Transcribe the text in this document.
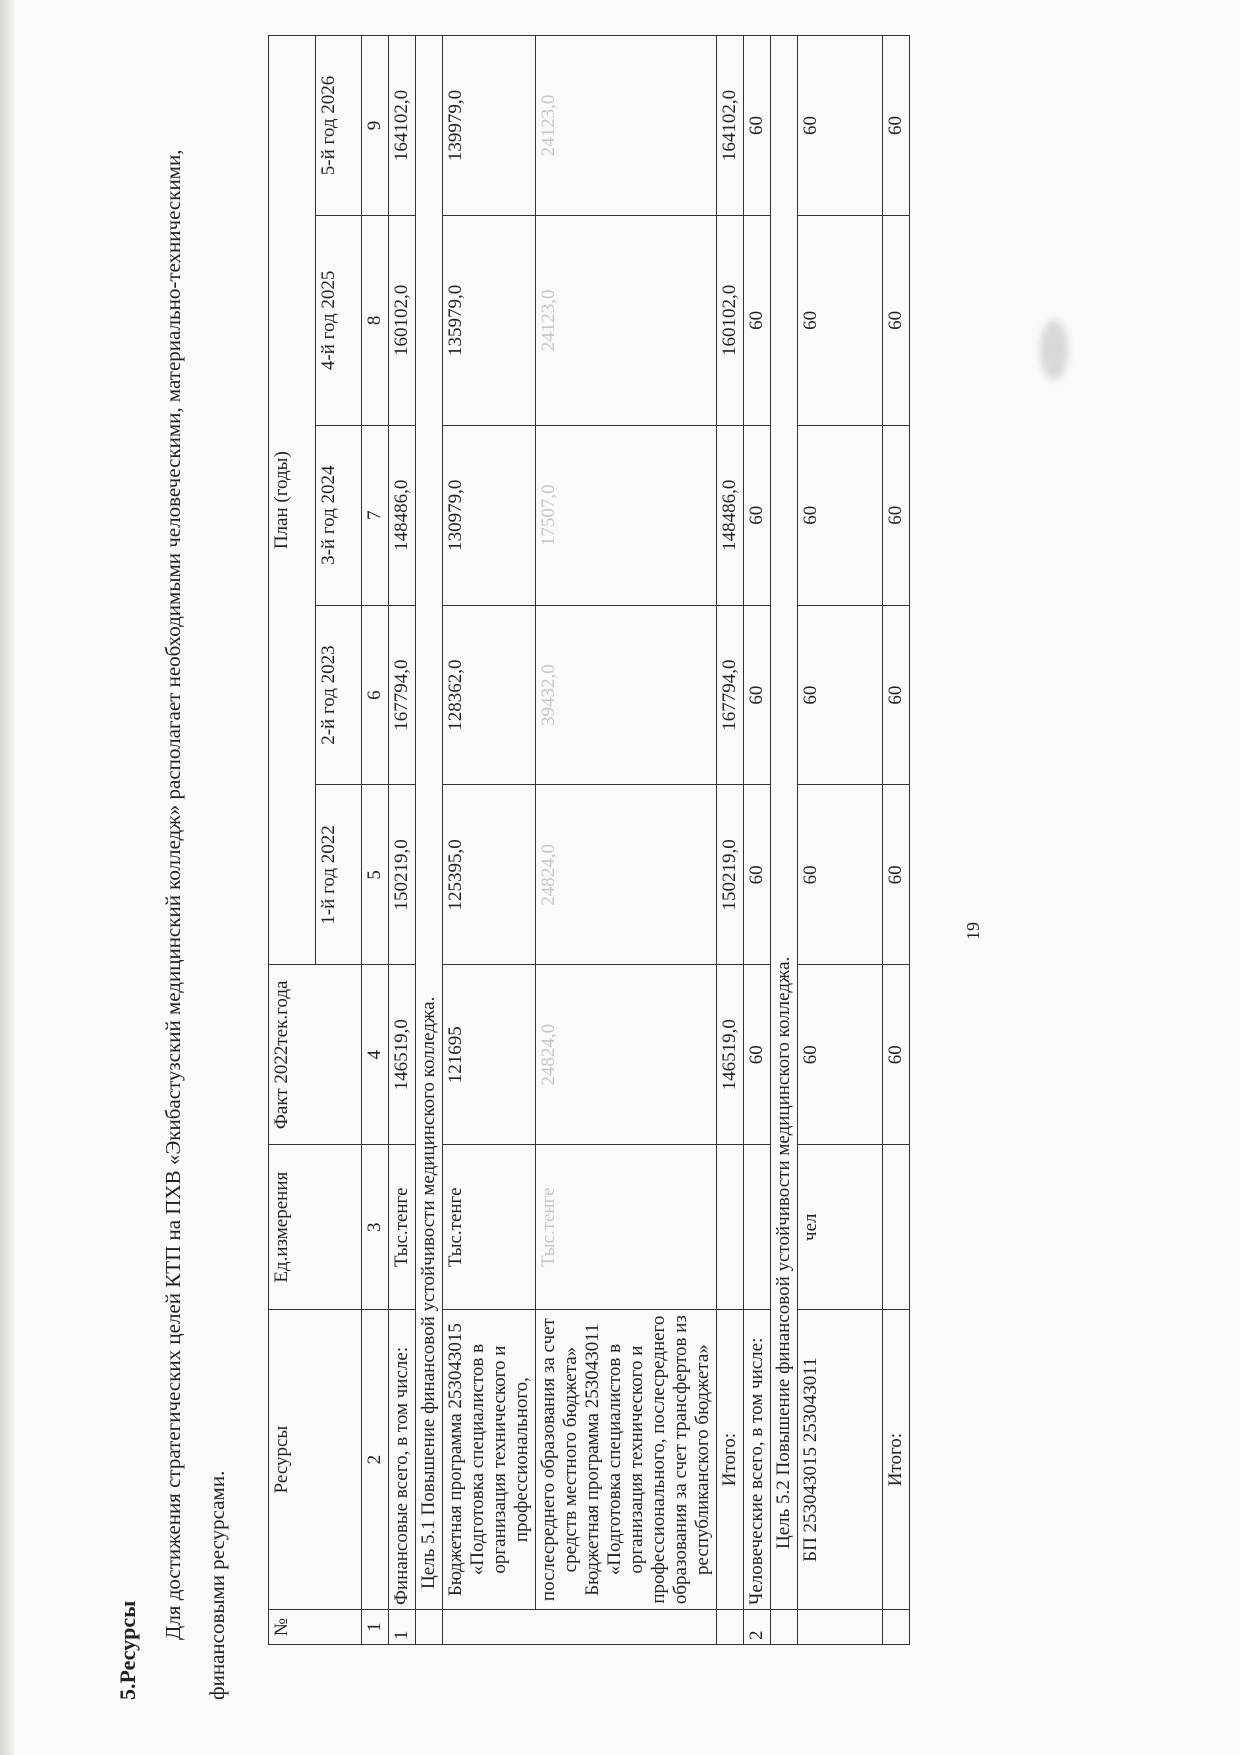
5.Ресурсы
Для достижения стратегических целей КТП на ПХВ «Экибастузский медицинский колледж» располагает необходимыми человеческими, материально-техническими, финансовыми ресурсами.	№	Ресурсы	Ед.измерения	Факт 2022тек.года	План (годы)				
				1-й год 2022	2-й год 2023	3-й год 2024	4-й год 2025	5-й год 2026
1	2	3	4	5	6	7	8	9
1	Финансовые всего, в том числе:	Тыс.тенге	146519,0	150219,0	167794,0	148486,0	160102,0	164102,0
	Цель 5.1 Повышение финансовой устойчивости медицинского колледжа.							
	Бюджетная программа 253043015 «Подготовка специалистов в организация технического и профессионального,	Тыс.тенге	121695	125395,0	128362,0	130979,0	135979,0	139979,0
	послесреднего образования за счет средств местного бюджета» Бюджетная программа 253043011 «Подготовка специалистов в организация технического и профессионального, послесреднего образования за счет трансфертов из республиканского бюджета»	Тыс.тенге	24824,0	24824,0	39432,0	17507,0	24123,0	24123,0
	Итого:		146519,0	150219,0	167794,0	148486,0	160102,0	164102,0
2	Человеческие всего, в том числе:		60	60	60	60	60	60
	Цель 5.2 Повышение финансовой устойчивости медицинского колледжа.							
	БП 253043015 253043011	чел	60	60	60	60	60	60
	Итого:		60	60	60	60	60	60
19
